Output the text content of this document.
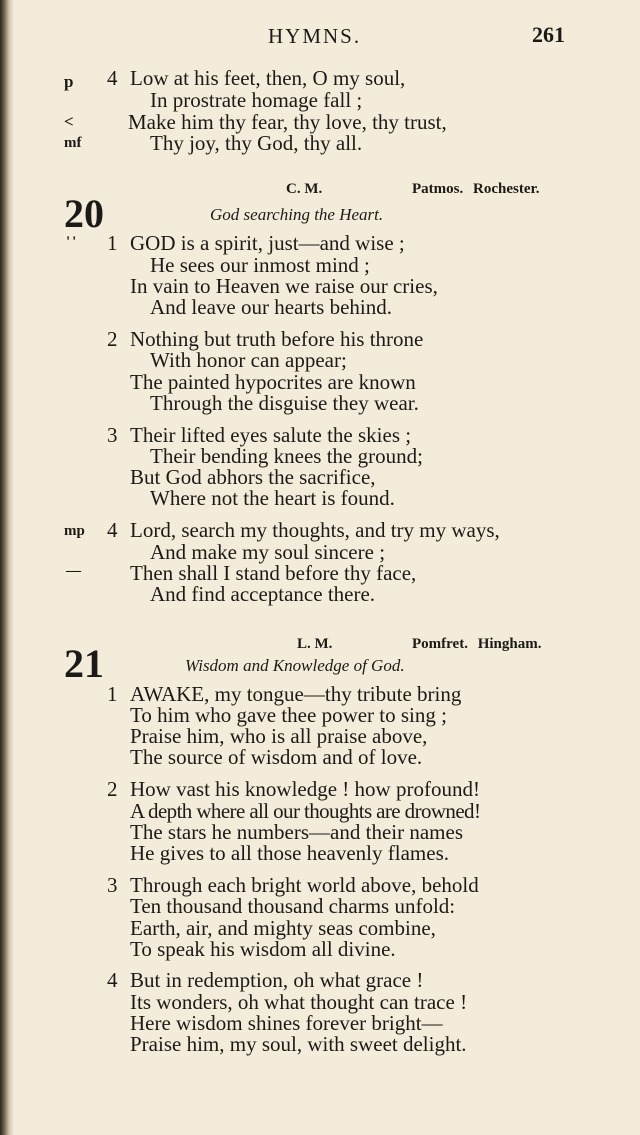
HYMNS.	261
p 4 Low at his feet, then, O my soul,
In prostrate homage fall ;
<	Make him thy fear, thy love, thy trust,
mf	Thy joy, thy God, thy all.
C. M.	Patmos. Rochester.
20	God searching the Heart.
'' 1 GOD is a spirit, just—and wise ;
He sees our inmost mind ;
In vain to Heaven we raise our cries,
And leave our hearts behind.
2 Nothing but truth before his throne
With honor can appear;
The painted hypocrites are known
Through the disguise they wear.
3 Their lifted eyes salute the skies ;
Their bending knees the ground;
But God abhors the sacrifice,
Where not the heart is found.
mp 4 Lord, search my thoughts, and try my ways,
And make my soul sincere ;
— Then shall I stand before thy face,
And find acceptance there.
L. M.	Pomfret. Hingham.
21	Wisdom and Knowledge of God.
1 AWAKE, my tongue—thy tribute bring
To him who gave thee power to sing ;
Praise him, who is all praise above,
The source of wisdom and of love.
2 How vast his knowledge ! how profound!
A depth where all our thoughts are drowned!
The stars he numbers—and their names
He gives to all those heavenly flames.
3 Through each bright world above, behold
Ten thousand thousand charms unfold:
Earth, air, and mighty seas combine,
To speak his wisdom all divine.
4 But in redemption, oh what grace !
Its wonders, oh what thought can trace !
Here wisdom shines forever bright—
Praise him, my soul, with sweet delight.
